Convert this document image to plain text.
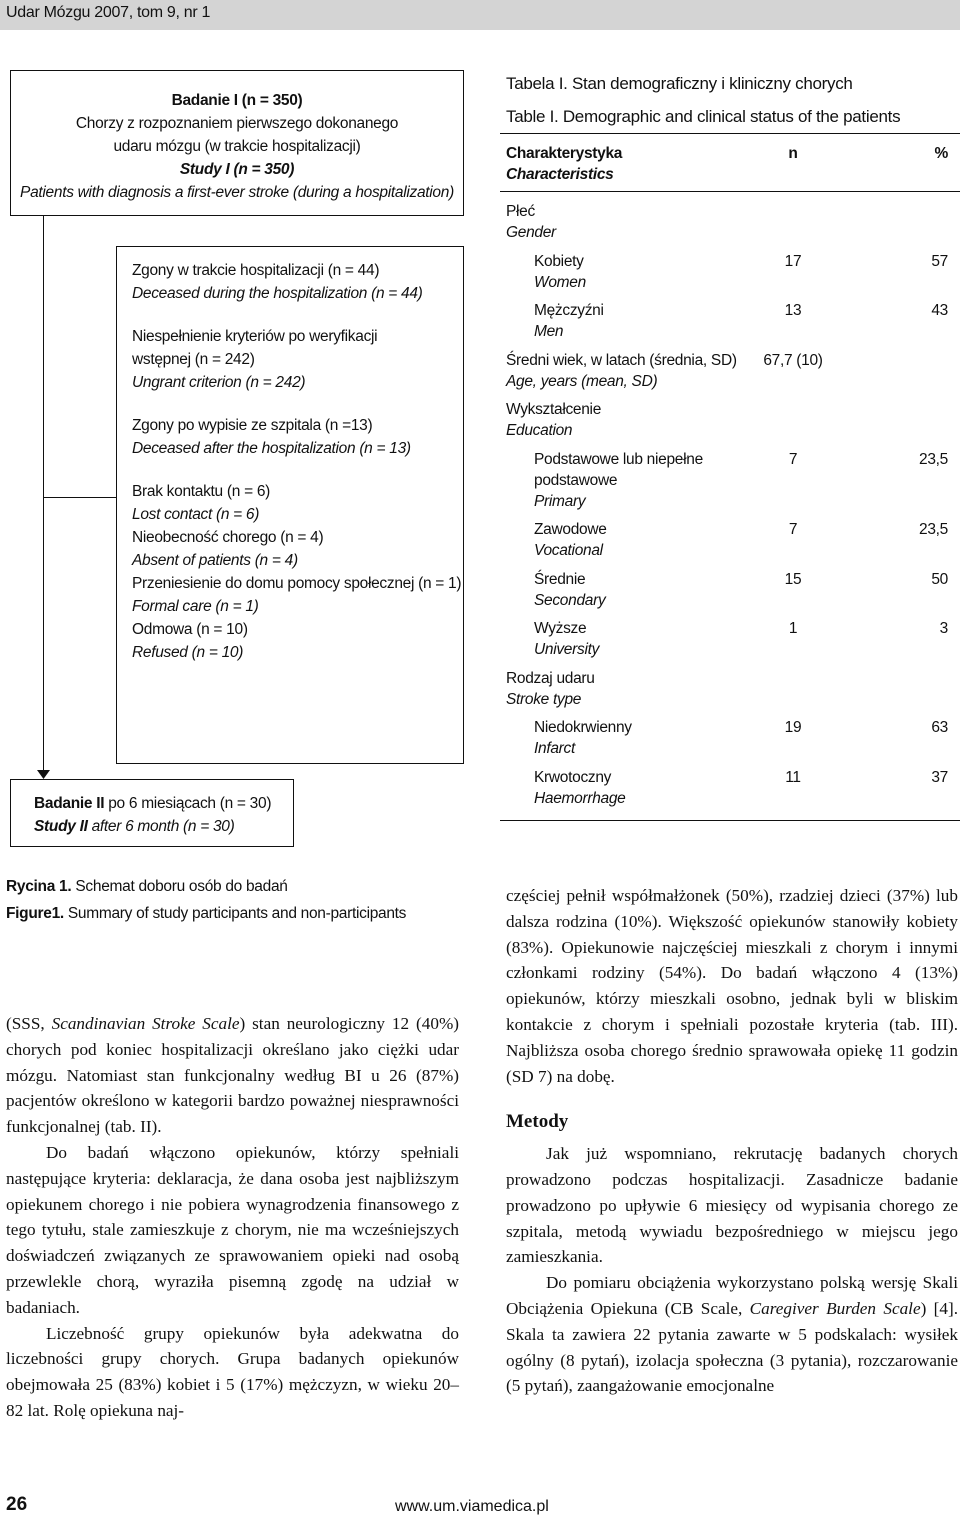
Udar Mózgu 2007, tom 9, nr 1
Badanie I (n = 350)
Chorzy z rozpoznaniem pierwszego dokonanego
udaru mózgu (w trakcie hospitalizacji)
Study I (n = 350)
Patients with diagnosis a first-ever stroke (during a hospitalization)
Zgony w trakcie hospitalizacji (n = 44)
Deceased during the hospitalization (n = 44)
Niespełnienie kryteriów po weryfikacji
wstępnej (n = 242)
Ungrant criterion (n = 242)
Zgony po wypisie ze szpitala (n =13)
Deceased after the hospitalization (n = 13)
Brak kontaktu (n = 6)
Lost contact (n = 6)
Nieobecność chorego (n = 4)
Absent of patients (n = 4)
Przeniesienie do domu pomocy społecznej (n = 1)
Formal care (n = 1)
Odmowa (n = 10)
Refused (n = 10)
Badanie II po 6 miesiącach (n = 30)
Study II after 6 month (n = 30)
Tabela I. Stan demograficzny i kliniczny chorych
Table I. Demographic and clinical status of the patients
Charakterystyka
Characteristics
n	%
Płeć
Gender
Kobiety
Women
17	57
Mężczyźni
Men
13	43
Średni wiek, w latach (średnia, SD)
Age, years (mean, SD)
67,7 (10)
Wykształcenie
Education
Podstawowe lub niepełne
podstawowe
Primary
7	23,5
Zawodowe
Vocational
7	23,5
Średnie
Secondary
15	50
Wyższe
University
1	3
Rodzaj udaru
Stroke type
Niedokrwienny
Infarct
19	63
Krwotoczny
Haemorrhage
11	37
Rycina 1. Schemat doboru osób do badań
Figure1. Summary of study participants and non-participants

(SSS, Scandinavian Stroke Scale) stan neurologiczny 12 (40%) chorych pod koniec hospitalizacji określano jako ciężki udar mózgu. Natomiast stan funkcjonalny według BI u 26 (87%) pacjentów określono w kategorii bardzo poważnej niesprawności funkcjonalnej (tab. II).

Do badań włączono opiekunów, którzy spełniali następujące kryteria: deklaracja, że dana osoba jest najbliższym opiekunem chorego i nie pobiera wynagrodzenia finansowego z tego tytułu, stale zamieszkuje z chorym, nie ma wcześniejszych doświadczeń związanych ze sprawowaniem opieki nad osobą przewlekle chorą, wyraziła pisemną zgodę na udział w badaniach.

Liczebność grupy opiekunów była adekwatna do liczebności grupy chorych. Grupa badanych opiekunów obejmowała 25 (83%) kobiet i 5 (17%) mężczyzn, w wieku 20–82 lat. Rolę opiekuna naj-

częściej pełnił współmałżonek (50%), rzadziej dzieci (37%) lub dalsza rodzina (10%). Większość opiekunów stanowiły kobiety (83%). Opiekunowie najczęściej mieszkali z chorym i innymi członkami rodziny (54%). Do badań włączono 4 (13%) opiekunów, którzy mieszkali osobno, jednak byli w bliskim kontakcie z chorym i spełniali pozostałe kryteria (tab. III). Najbliższa osoba chorego średnio sprawowała opiekę 11 godzin (SD 7) na dobę.

Metody

Jak już wspomniano, rekrutację badanych chorych prowadzono podczas hospitalizacji. Zasadnicze badanie prowadzono po upływie 6 miesięcy od wypisania chorego ze szpitala, metodą wywiadu bezpośredniego w miejscu jego zamieszkania.

Do pomiaru obciążenia wykorzystano polską wersję Skali Obciążenia Opiekuna (CB Scale, Caregiver Burden Scale) [4]. Skala ta zawiera 22 pytania zawarte w 5 podskalach: wysiłek ogólny (8 pytań), izolacja społeczna (3 pytania), rozczarowanie (5 pytań), zaangażowanie emocjonalne

26	www.um.viamedica.pl
